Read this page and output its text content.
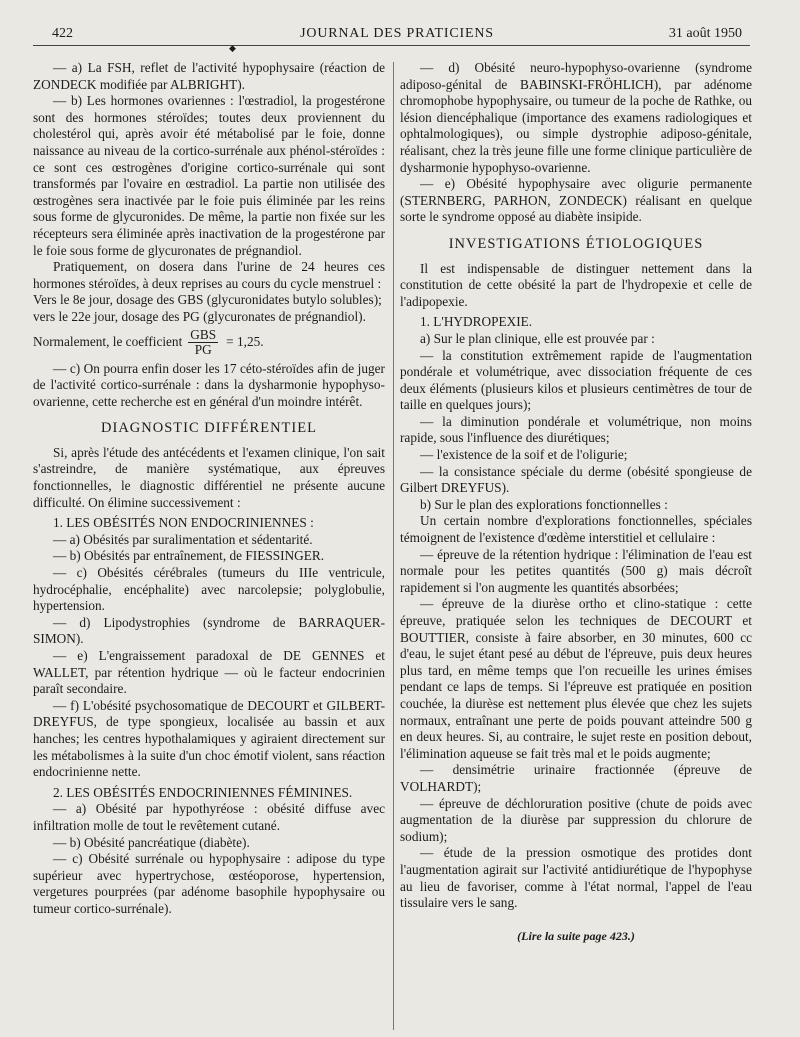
422	JOURNAL DES PRATICIENS	31 août 1950
◆

— a) La FSH, reflet de l'activité hypophysaire (réaction de ZONDECK modifiée par ALBRIGHT).

— b) Les hormones ovariennes : l'œstradiol, la progestérone sont des hormones stéroïdes; toutes deux proviennent du cholestérol qui, après avoir été métabolisé par le foie, donne naissance au niveau de la cortico-surrénale aux phénol-stéroïdes : ce sont ces œstrogènes d'origine cortico-surrénale qui sont transformés par l'ovaire en œstradiol. La partie non utilisée des œstrogènes sera inactivée par le foie puis éliminée par les reins sous forme de glycuronides. De même, la partie non fixée sur les récepteurs sera éliminée après inactivation de la progestérone par le foie sous forme de glycuronates de prégnandiol.

Pratiquement, on dosera dans l'urine de 24 heures ces hormones stéroïdes, à deux reprises au cours du cycle menstruel :

Vers le 8e jour, dosage des GBS (glycuronidates butylo solubles);

vers le 22e jour, dosage des PG (glycuronates de prégnandiol).

Normalement, le coefficient GBS
PG
= 1,25.

— c) On pourra enfin doser les 17 céto-stéroïdes afin de juger de l'activité cortico-surrénale : dans la dysharmonie hypophyso-ovarienne, cette recherche est en général d'un moindre intérêt.

DIAGNOSTIC DIFFÉRENTIEL

Si, après l'étude des antécédents et l'examen clinique, l'on sait s'astreindre, de manière systématique, aux épreuves fonctionnelles, le diagnostic différentiel ne présente aucune difficulté. On élimine successivement :

1. LES OBÉSITÉS NON ENDOCRINIENNES :

— a) Obésités par suralimentation et sédentarité.

— b) Obésités par entraînement, de FIESSINGER.

— c) Obésités cérébrales (tumeurs du IIIe ventricule, hydrocéphalie, encéphalite) avec narcolepsie; polyglobulie, hypertension.

— d) Lipodystrophies (syndrome de BARRAQUER-SIMON).

— e) L'engraissement paradoxal de DE GENNES et WALLET, par rétention hydrique — où le facteur endocrinien paraît secondaire.

— f) L'obésité psychosomatique de DECOURT et GILBERT-DREYFUS, de type spongieux, localisée au bassin et aux hanches; les centres hypothalamiques y agiraient directement sur les métabolismes à la suite d'un choc émotif violent, sans réaction endocrinienne nette.

2. LES OBÉSITÉS ENDOCRINIENNES FÉMININES.

— a) Obésité par hypothyréose : obésité diffuse avec infiltration molle de tout le revêtement cutané.

— b) Obésité pancréatique (diabète).

— c) Obésité surrénale ou hypophysaire : adipose du type supérieur avec hypertrychose, œstéoporose, hypertension, vergetures pourprées (par adénome basophile hypophysaire ou tumeur cortico-surrénale).

— d) Obésité neuro-hypophyso-ovarienne (syndrome adiposo-génital de BABINSKI-FRÖHLICH), par adénome chromophobe hypophysaire, ou tumeur de la poche de Rathke, ou lésion diencéphalique (importance des examens radiologiques et ophtalmologiques), ou simple dystrophie adiposo-génitale, réalisant, chez la très jeune fille une forme clinique particulière de dysharmonie hypophyso-ovarienne.

— e) Obésité hypophysaire avec oligurie permanente (STERNBERG, PARHON, ZONDECK) réalisant en quelque sorte le syndrome opposé au diabète insipide.

INVESTIGATIONS ÉTIOLOGIQUES

Il est indispensable de distinguer nettement dans la constitution de cette obésité la part de l'hydropexie et celle de l'adipopexie.

1. L'HYDROPEXIE.

a) Sur le plan clinique, elle est prouvée par :

— la constitution extrêmement rapide de l'augmentation pondérale et volumétrique, avec dissociation fréquente de ces deux éléments (plusieurs kilos et plusieurs centimètres de tour de taille en quelques jours);

— la diminution pondérale et volumétrique, non moins rapide, sous l'influence des diurétiques;

— l'existence de la soif et de l'oligurie;

— la consistance spéciale du derme (obésité spongieuse de Gilbert DREYFUS).

b) Sur le plan des explorations fonctionnelles :

Un certain nombre d'explorations fonctionnelles, spéciales témoignent de l'existence d'œdème interstitiel et cellulaire :

— épreuve de la rétention hydrique : l'élimination de l'eau est normale pour les petites quantités (500 g) mais décroît rapidement si l'on augmente les quantités absorbées;

— épreuve de la diurèse ortho et clino-statique : cette épreuve, pratiquée selon les techniques de DECOURT et BOUTTIER, consiste à faire absorber, en 30 minutes, 600 cc d'eau, le sujet étant pesé au début de l'épreuve, puis deux heures plus tard, en même temps que l'on recueille les urines émises pendant ce laps de temps. Si l'épreuve est pratiquée en position couchée, la diurèse est nettement plus élevée que chez les sujets normaux, entraînant une perte de poids pouvant atteindre 500 g en deux heures. Si, au contraire, le sujet reste en position debout, l'élimination aqueuse se fait très mal et le poids augmente;

— densimétrie urinaire fractionnée (épreuve de VOLHARDT);

— épreuve de déchloruration positive (chute de poids avec augmentation de la diurèse par suppression du chlorure de sodium);

— étude de la pression osmotique des protides dont l'augmentation agirait sur l'activité antidiurétique de l'hypophyse au lieu de favoriser, comme à l'état normal, l'appel de l'eau tissulaire vers le sang.

(Lire la suite page 423.)
